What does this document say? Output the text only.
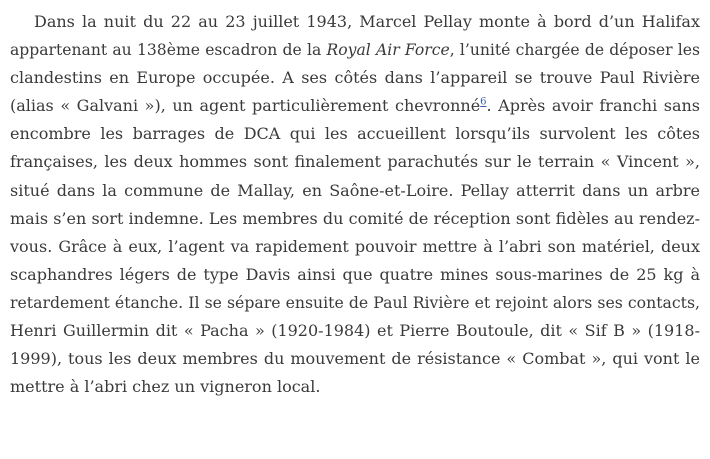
Dans la nuit du 22 au 23 juillet 1943, Marcel Pellay monte à bord d’un Halifax
appartenant au 138ème escadron de la Royal Air Force, l’unité chargée de déposer les
clandestins en Europe occupée. A ses côtés dans l’appareil se trouve Paul Rivière
(alias « Galvani »), un agent particulièrement chevronné$^6$. Après avoir franchi sans
encombre les barrages de DCA qui les accueillent lorsqu’ils survolent les côtes
françaises, les deux hommes sont finalement parachutés sur le terrain « Vincent »,
situé dans la commune de Mallay, en Saône-et-Loire. Pellay atterrit dans un arbre
mais s’en sort indemne. Les membres du comité de réception sont fidèles au rendez-
vous. Grâce à eux, l’agent va rapidement pouvoir mettre à l’abri son matériel, deux
scaphandres légers de type Davis ainsi que quatre mines sous-marines de 25 kg à
retardement étanche. Il se sépare ensuite de Paul Rivière et rejoint alors ses contacts,
Henri Guillermin dit « Pacha » (1920-1984) et Pierre Boutoule, dit « Sif B » (1918-
1999), tous les deux membres du mouvement de résistance « Combat », qui vont le
mettre à l’abri chez un vigneron local.
